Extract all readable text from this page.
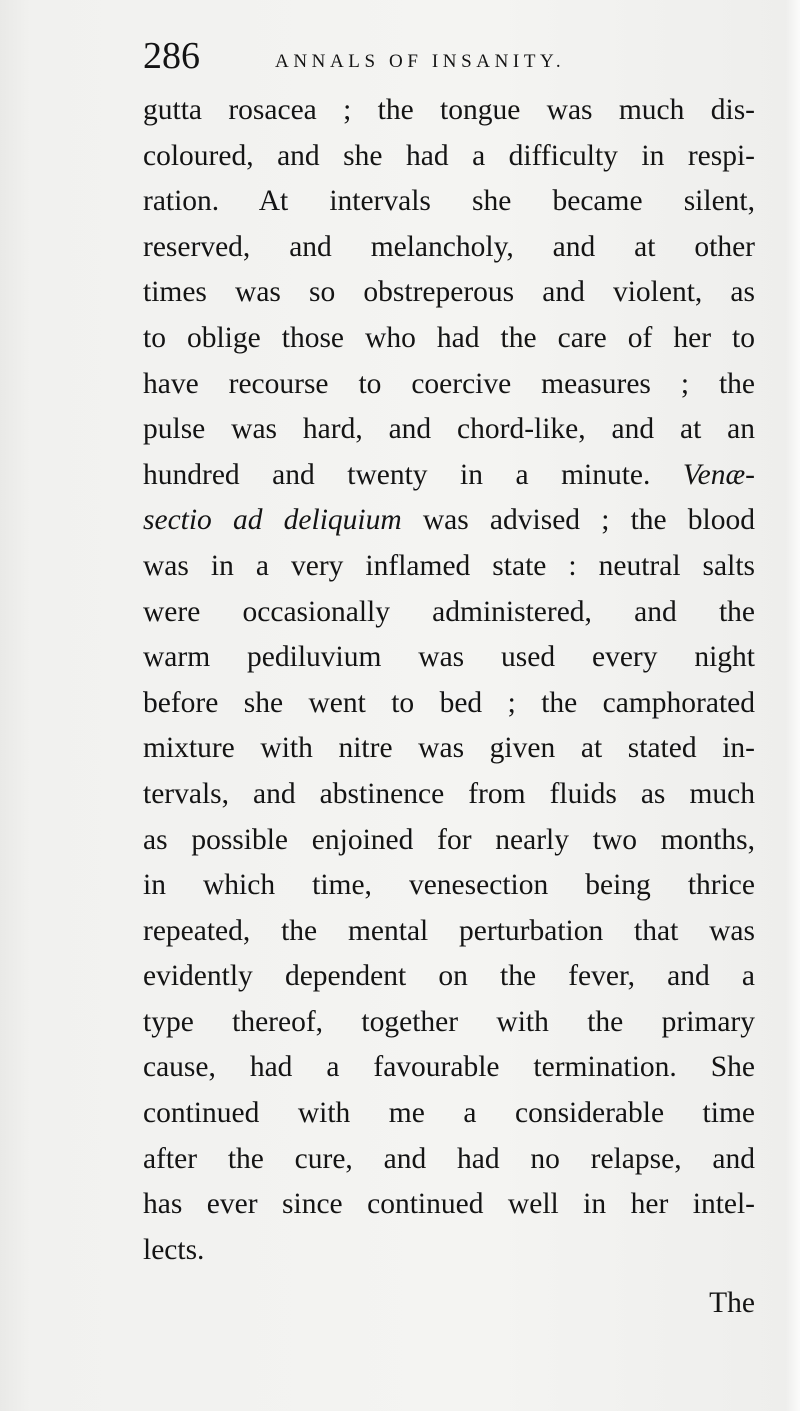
286	ANNALS OF INSANITY.
gutta rosacea ; the tongue was much dis-
coloured, and she had a difficulty in respi-
ration. At intervals she became silent,
reserved, and melancholy, and at other
times was so obstreperous and violent, as
to oblige those who had the care of her to
have recourse to coercive measures ; the
pulse was hard, and chord-like, and at an
hundred and twenty in a minute. Venæ-
sectio ad deliquium was advised ; the blood
was in a very inflamed state : neutral salts
were occasionally administered, and the
warm pediluvium was used every night
before she went to bed ; the camphorated
mixture with nitre was given at stated in-
tervals, and abstinence from fluids as much
as possible enjoined for nearly two months,
in which time, venesection being thrice
repeated, the mental perturbation that was
evidently dependent on the fever, and a
type thereof, together with the primary
cause, had a favourable termination. She
continued with me a considerable time
after the cure, and had no relapse, and
has ever since continued well in her intel-
lects.
The
